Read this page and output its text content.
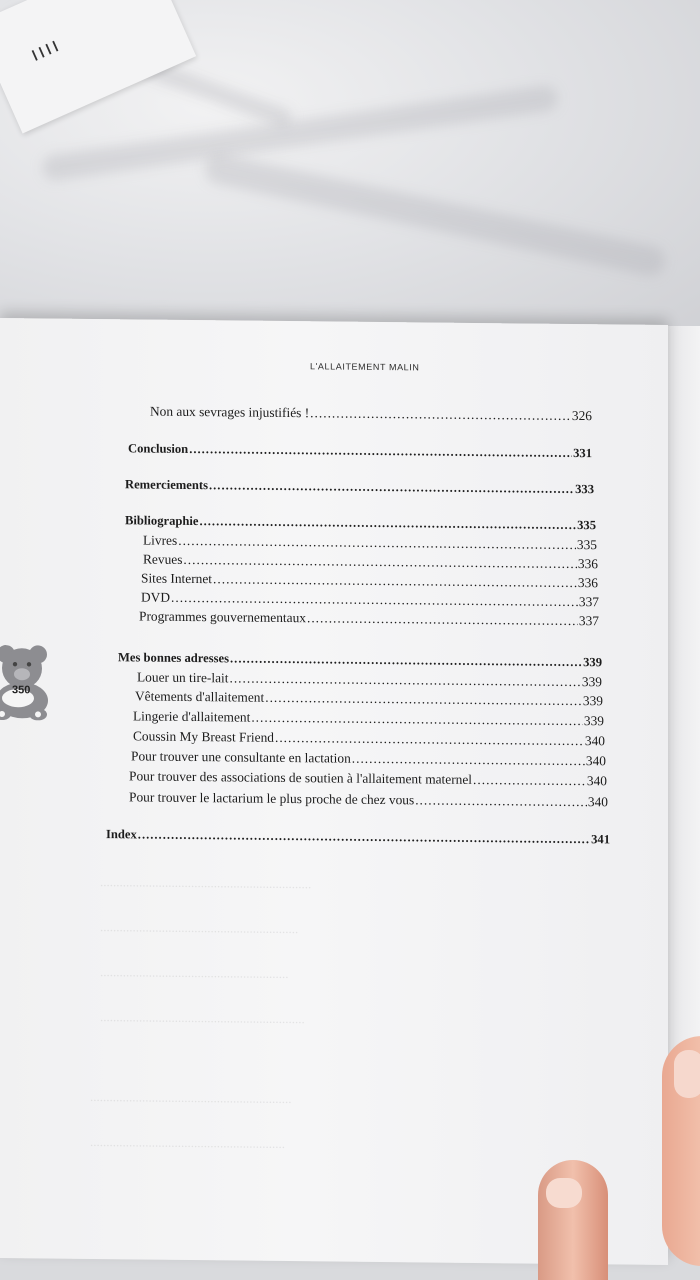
ıııı
.................................................................
.............................................................
..........................................................
...............................................................
..............................................................
............................................................
L'ALLAITEMENT MALIN
Non aux sevrages injustifiés ! .....	326
Conclusion .....	331
Remerciements .....	333
Bibliographie .....	335
Livres .....	335
Revues .....	336
Sites Internet .....	336
DVD .....	337
Programmes gouvernementaux .....	337
Mes bonnes adresses .....	339
Louer un tire-lait .....	339
Vêtements d'allaitement .....	339
Lingerie d'allaitement .....	339
Coussin My Breast Friend .....	340
Pour trouver une consultante en lactation .....	340
Pour trouver des associations de soutien à l'allaitement maternel .....	340
Pour trouver le lactarium le plus proche de chez vous .....	340
Index .....	341
350
